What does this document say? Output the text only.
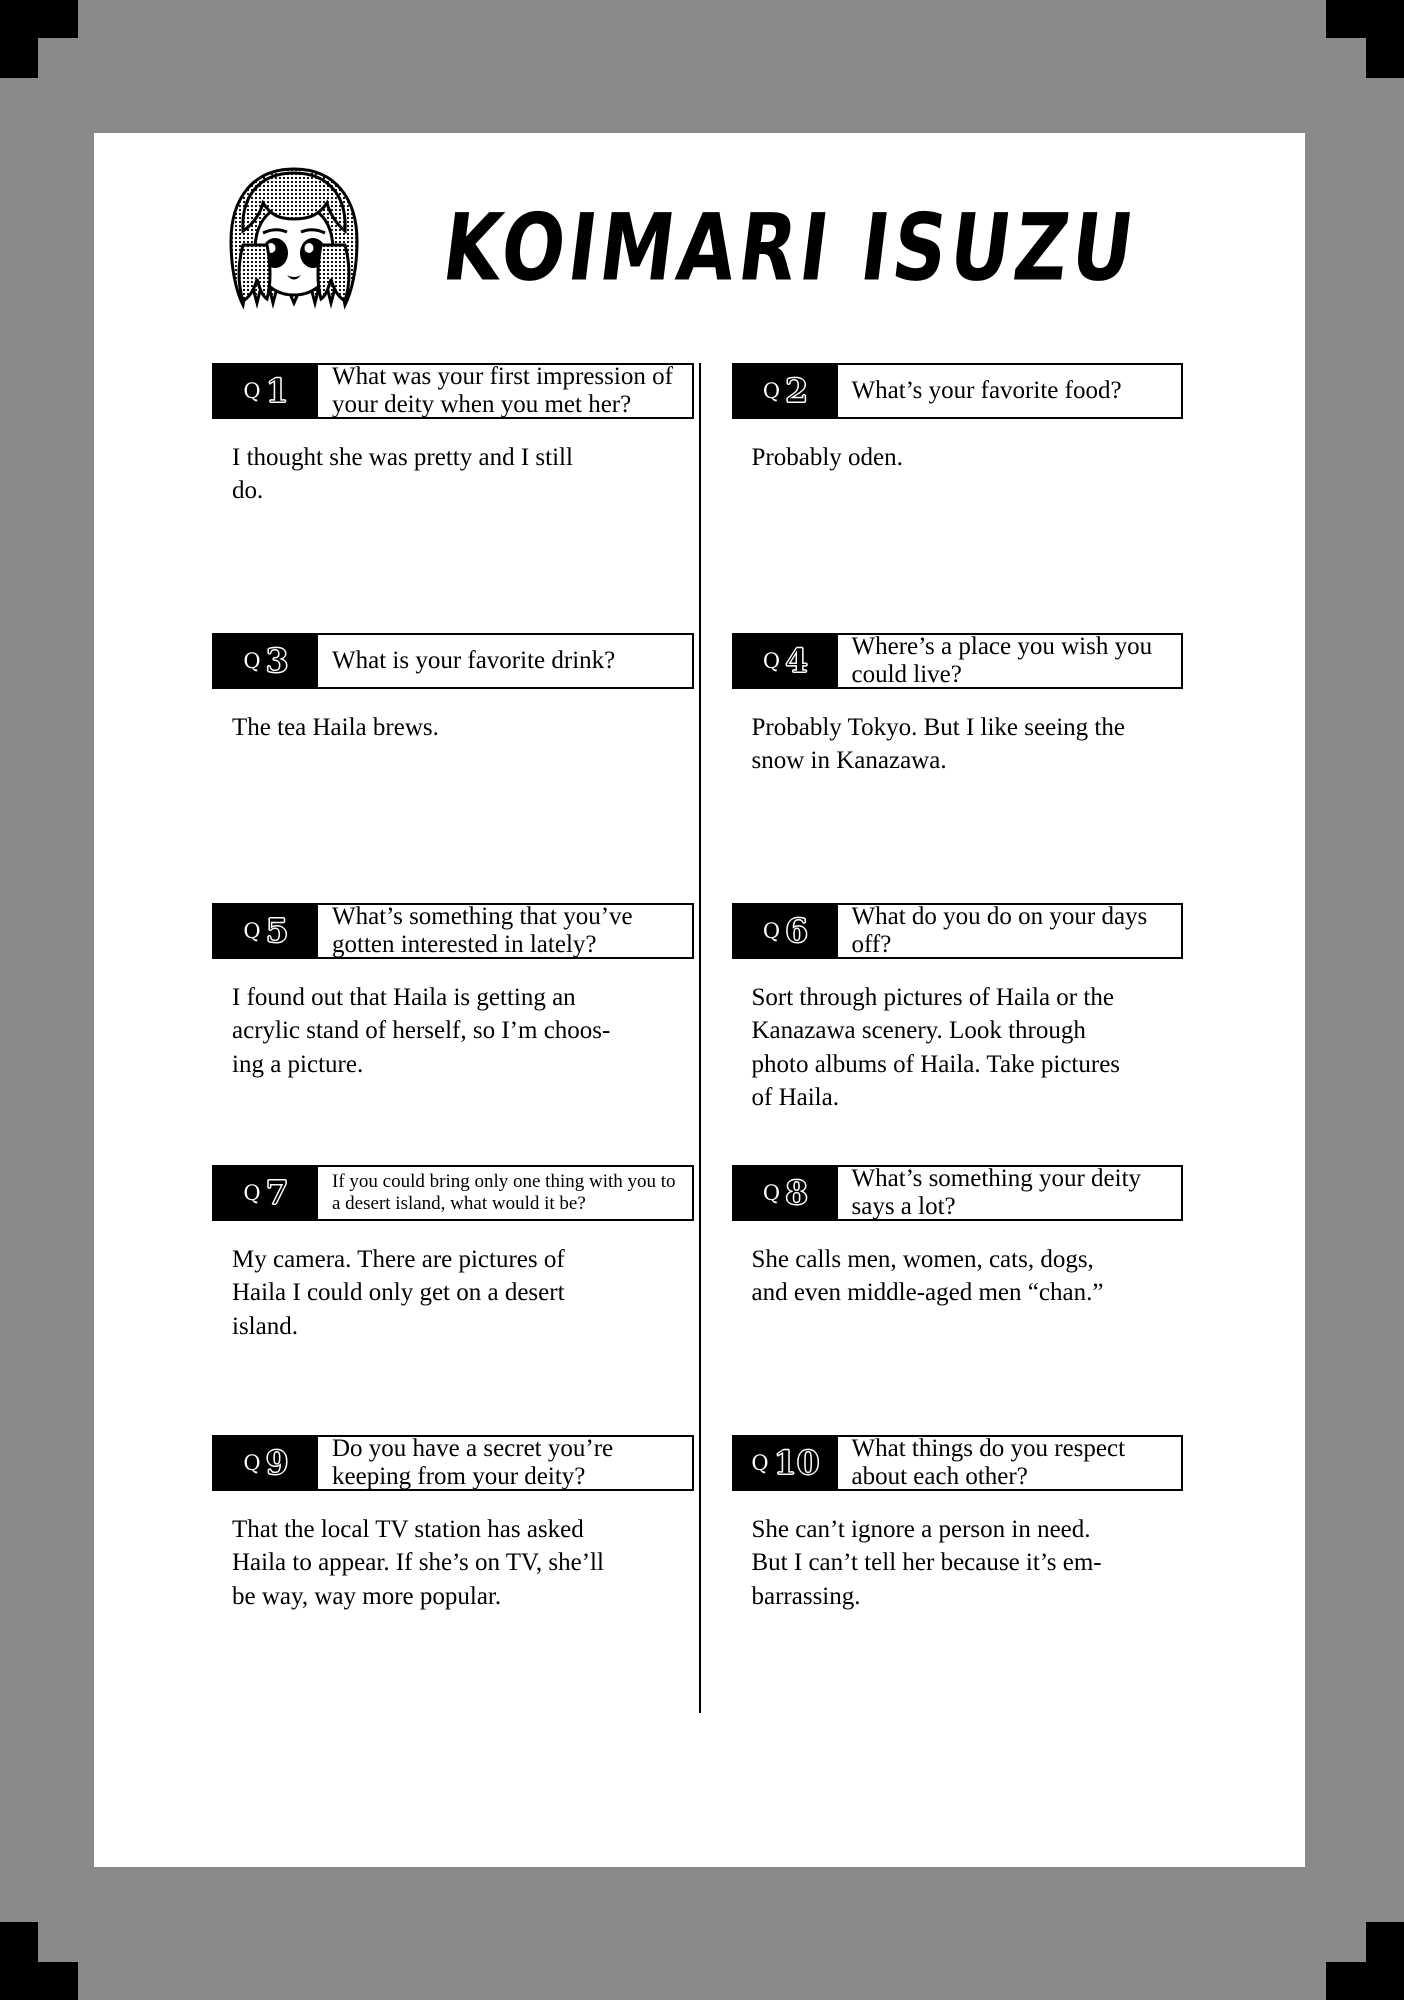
KOIMARI ISUZU
Q 1	What was your first impression of your deity when you met her?
I thought she was pretty and I still
do.
Q 2	What’s your favorite food?
Probably oden.
Q 3	What is your favorite drink?
The tea Haila brews.
Q 4	Where’s a place you wish you could live?
Probably Tokyo. But I like seeing the
snow in Kanazawa.
Q 5	What’s something that you’ve gotten interested in lately?
I found out that Haila is getting an
acrylic stand of herself, so I’m choos-
ing a picture.
Q 6	What do you do on your days off?
Sort through pictures of Haila or the
Kanazawa scenery. Look through
photo albums of Haila. Take pictures
of Haila.
Q 7	If you could bring only one thing with you to a desert island, what would it be?
My camera. There are pictures of
Haila I could only get on a desert
island.
Q 8	What’s something your deity says a lot?
She calls men, women, cats, dogs,
and even middle-aged men “chan.”
Q 9	Do you have a secret you’re keeping from your deity?
That the local TV station has asked
Haila to appear. If she’s on TV, she’ll
be way, way more popular.
Q 10	What things do you respect about each other?
She can’t ignore a person in need.
But I can’t tell her because it’s em-
barrassing.
